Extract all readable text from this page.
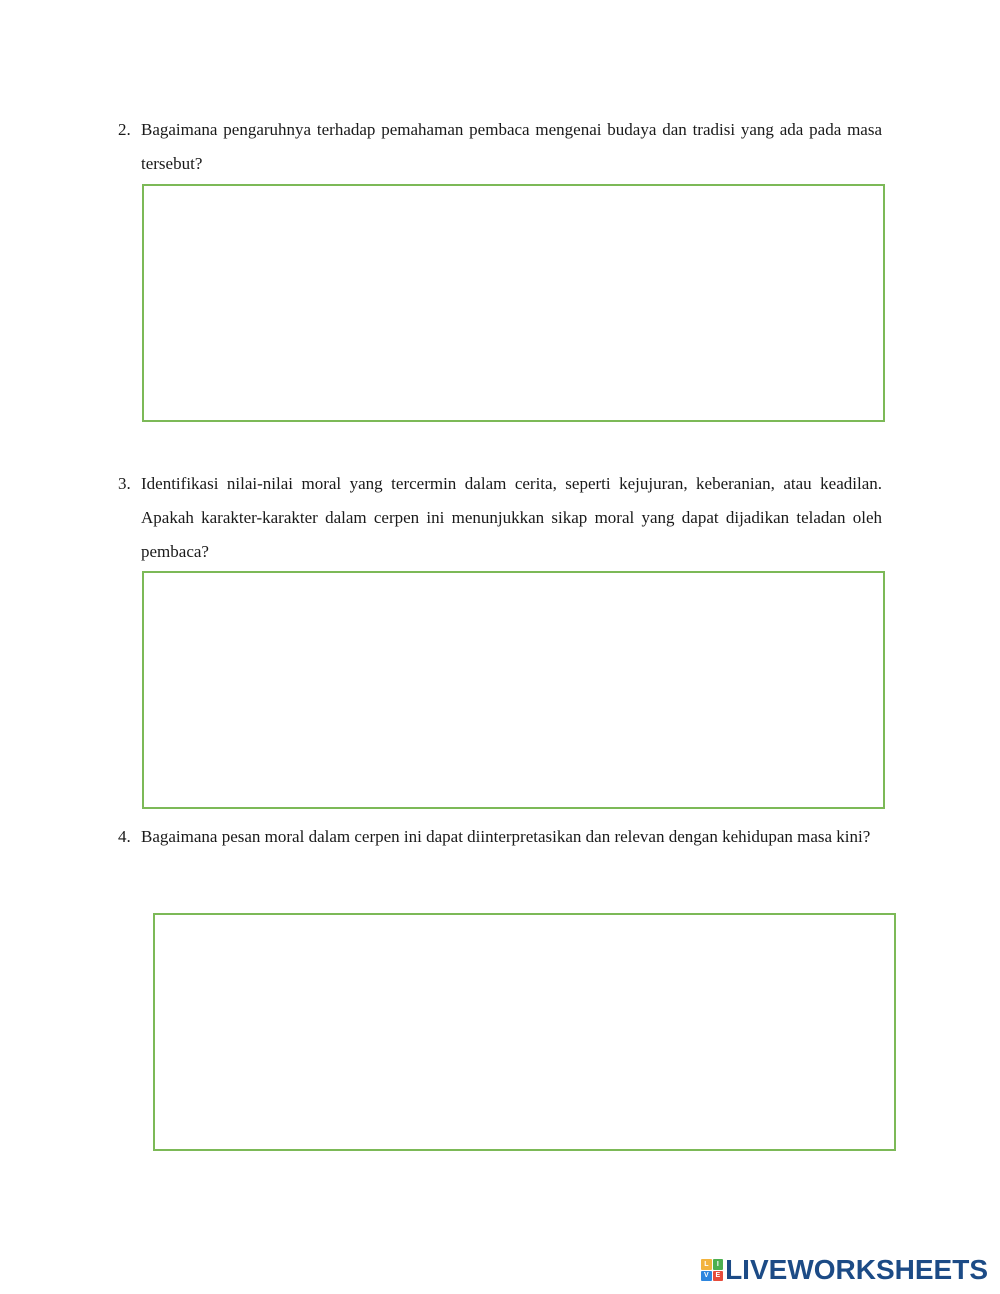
2. Bagaimana pengaruhnya terhadap pemahaman pembaca mengenai budaya dan tradisi yang ada pada masa tersebut?
3. Identifikasi nilai-nilai moral yang tercermin dalam cerita, seperti kejujuran, keberanian, atau keadilan. Apakah karakter-karakter dalam cerpen ini menunjukkan sikap moral yang dapat dijadikan teladan oleh pembaca?
4. Bagaimana pesan moral dalam cerpen ini dapat diinterpretasikan dan relevan dengan kehidupan masa kini?
L	I
V E LIVEWORKSHEETS
